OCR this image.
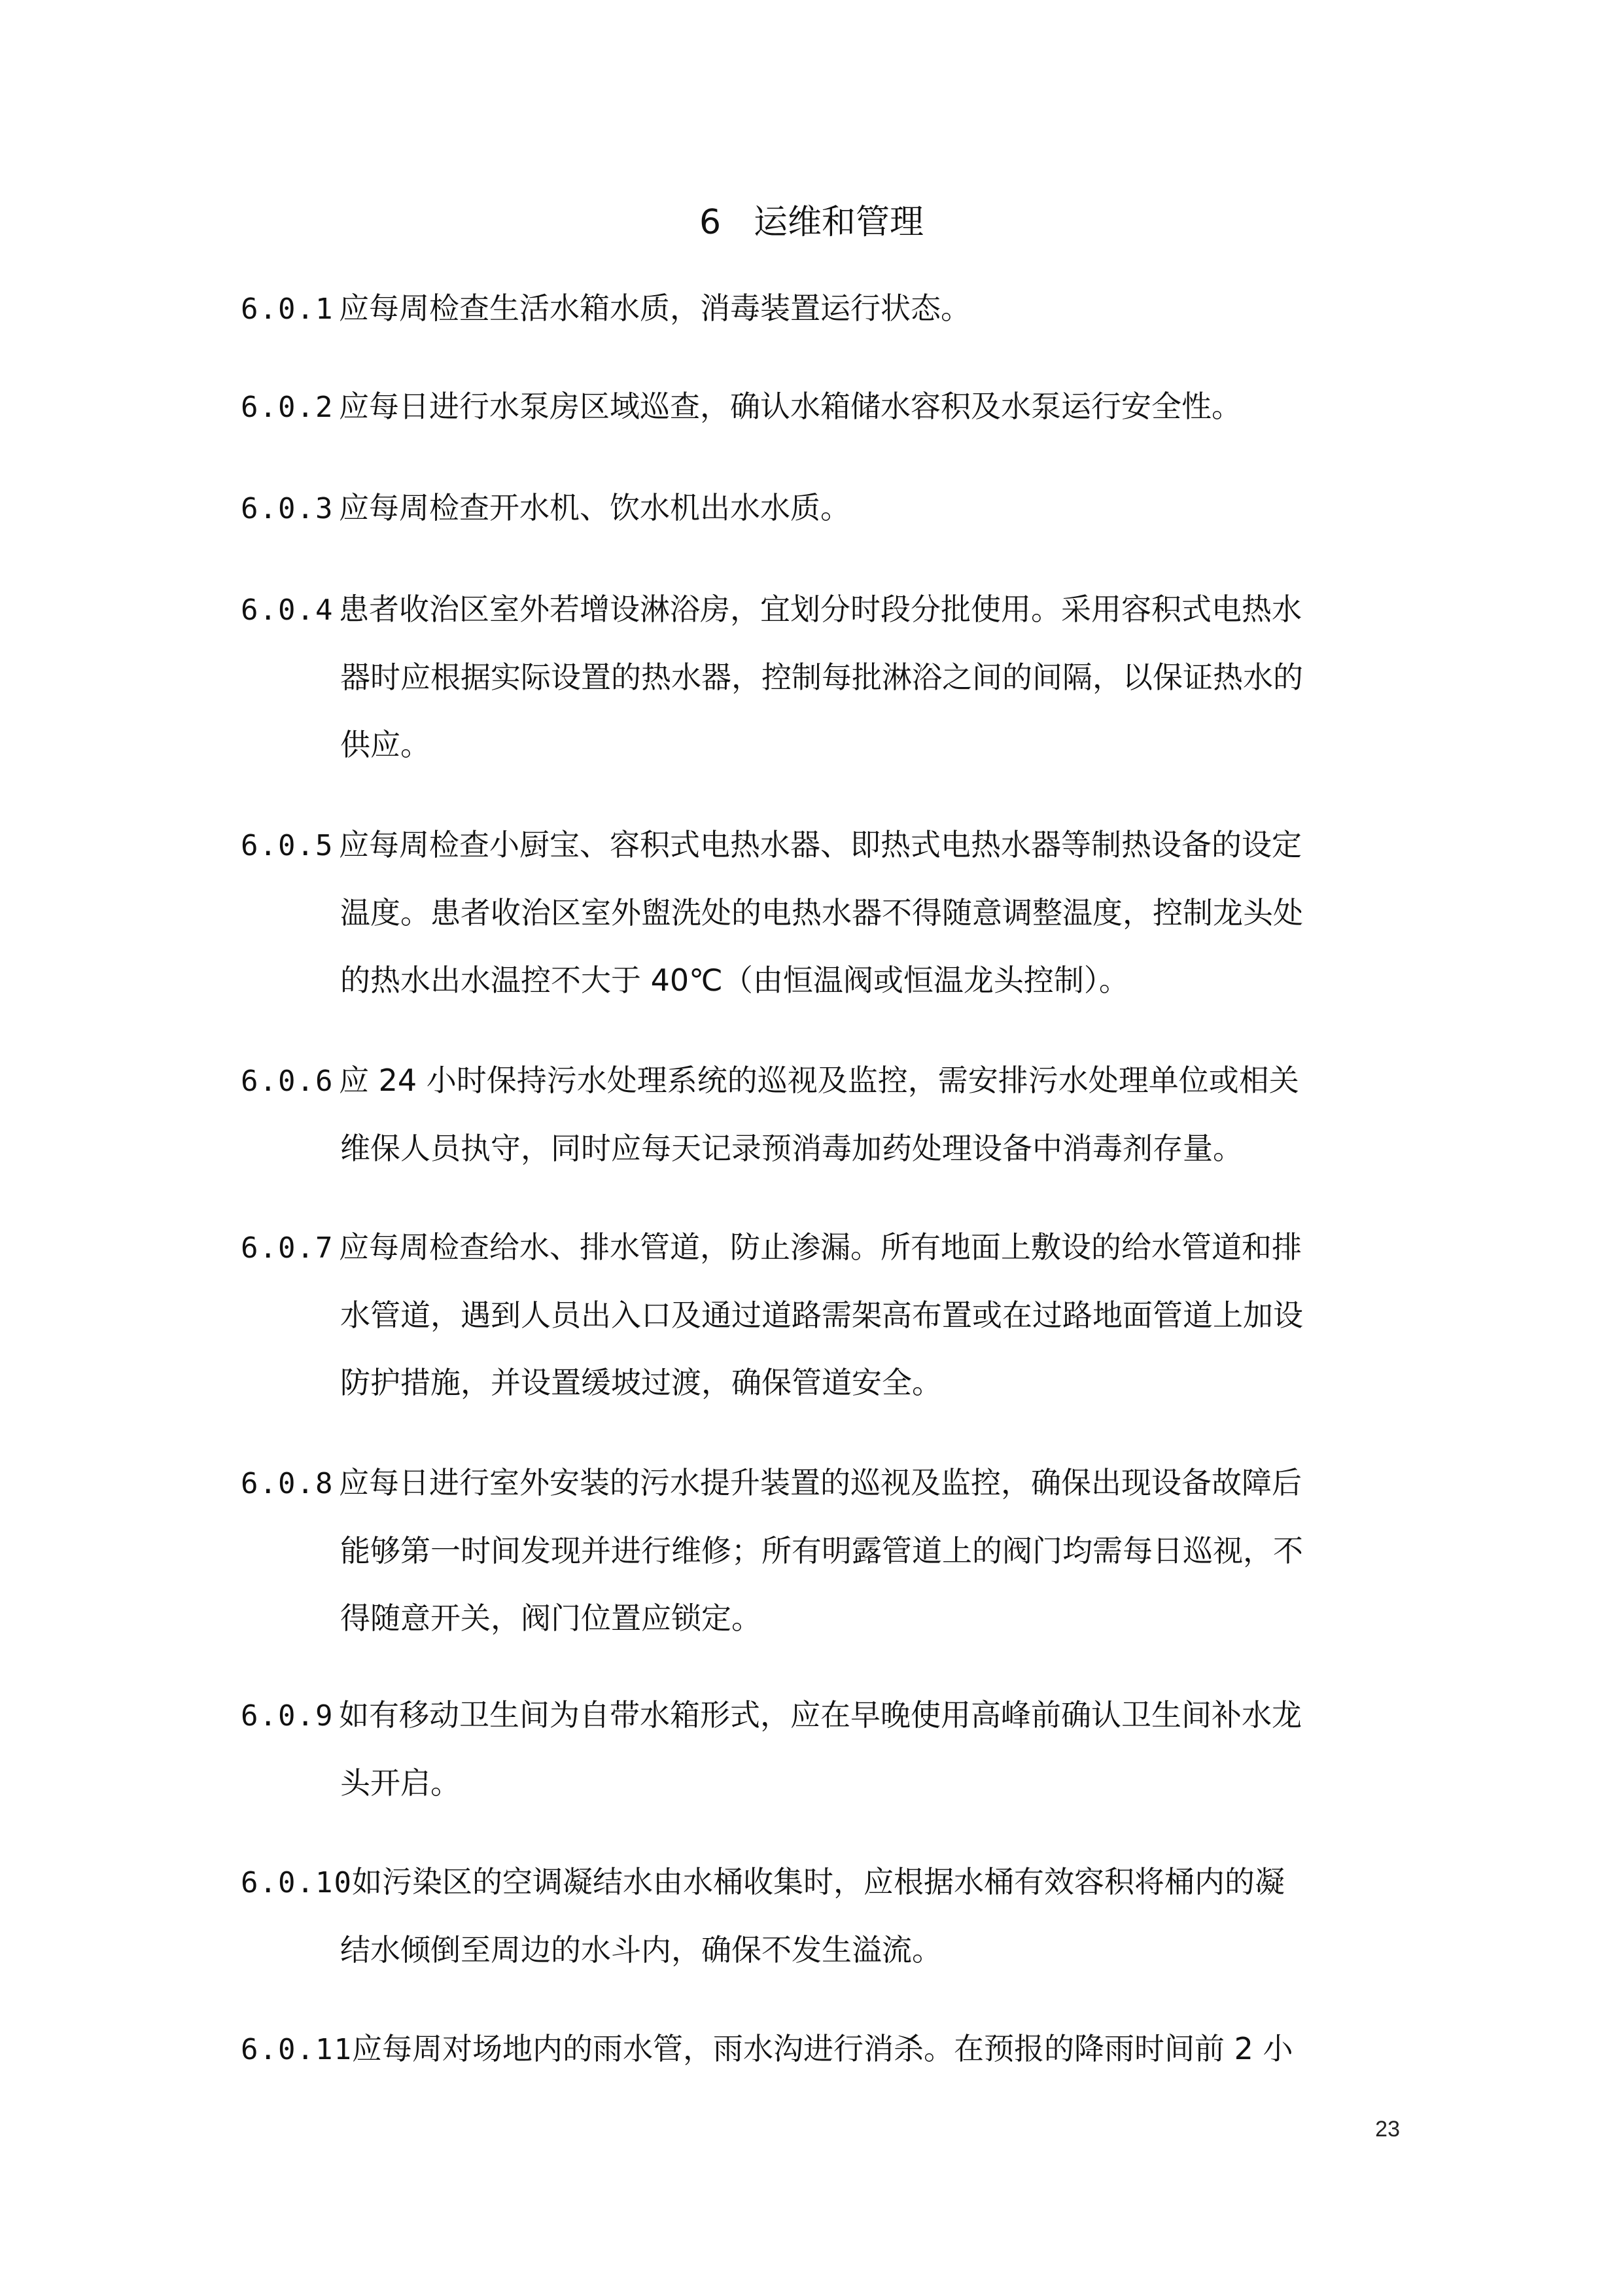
6 运维和管理
6.0.1 应每周检查生活水箱水质，消毒装置运行状态。
6.0.2 应每日进行水泵房区域巡查，确认水箱储水容积及水泵运行安全性。
6.0.3 应每周检查开水机、饮水机出水水质。
6.0.4 患者收治区室外若增设淋浴房，宜划分时段分批使用。采用容积式电热水
器时应根据实际设置的热水器，控制每批淋浴之间的间隔，以保证热水的
供应。
6.0.5 应每周检查小厨宝、容积式电热水器、即热式电热水器等制热设备的设定
温度。患者收治区室外盥洗处的电热水器不得随意调整温度，控制龙头处
的热水出水温控不大于 40℃（由恒温阀或恒温龙头控制）。
6.0.6 应 24 小时保持污水处理系统的巡视及监控，需安排污水处理单位或相关
维保人员执守，同时应每天记录预消毒加药处理设备中消毒剂存量。
6.0.7 应每周检查给水、排水管道，防止渗漏。所有地面上敷设的给水管道和排
水管道，遇到人员出入口及通过道路需架高布置或在过路地面管道上加设
防护措施，并设置缓坡过渡，确保管道安全。
6.0.8 应每日进行室外安装的污水提升装置的巡视及监控，确保出现设备故障后
能够第一时间发现并进行维修；所有明露管道上的阀门均需每日巡视，不
得随意开关，阀门位置应锁定。
6.0.9 如有移动卫生间为自带水箱形式，应在早晚使用高峰前确认卫生间补水龙
头开启。
6.0.10如污染区的空调凝结水由水桶收集时，应根据水桶有效容积将桶内的凝
结水倾倒至周边的水斗内，确保不发生溢流。
6.0.11应每周对场地内的雨水管，雨水沟进行消杀。在预报的降雨时间前 2 小
23
